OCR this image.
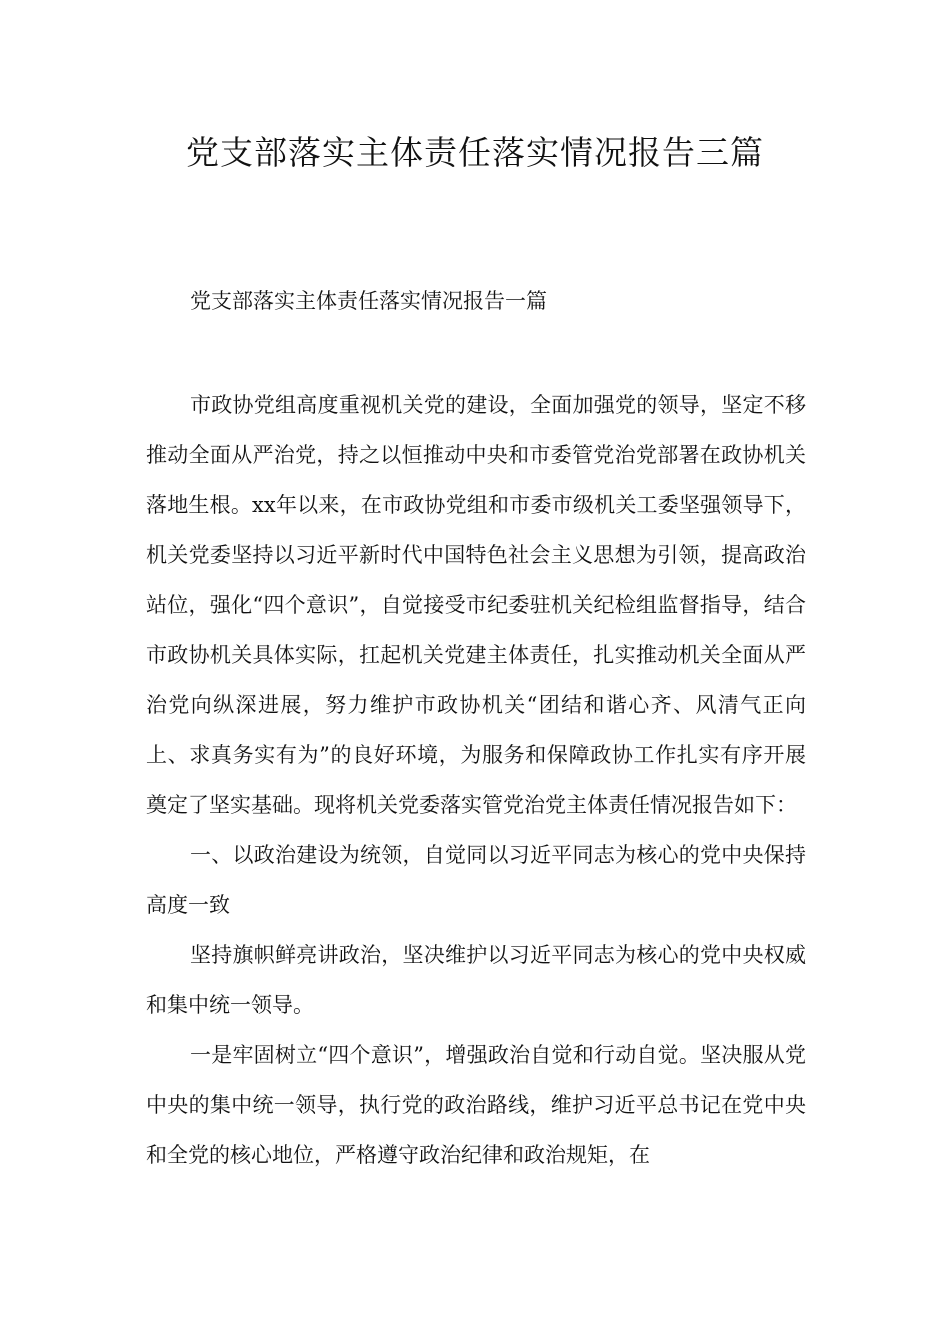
党支部落实主体责任落实情况报告三篇
党支部落实主体责任落实情况报告一篇

市政协党组高度重视机关党的建设，全面加强党的领导，坚定不移推动全面从严治党，持之以恒推动中央和市委管党治党部署在政协机关落地生根。xx年以来，在市政协党组和市委市级机关工委坚强领导下，机关党委坚持以习近平新时代中国特色社会主义思想为引领，提高政治站位，强化“四个意识”，自觉接受市纪委驻机关纪检组监督指导，结合市政协机关具体实际，扛起机关党建主体责任，扎实推动机关全面从严治党向纵深进展，努力维护市政协机关“团结和谐心齐、风清气正向上、求真务实有为”的良好环境，为服务和保障政协工作扎实有序开展奠定了坚实基础。现将机关党委落实管党治党主体责任情况报告如下：

一、以政治建设为统领，自觉同以习近平同志为核心的党中央保持高度一致

坚持旗帜鲜亮讲政治，坚决维护以习近平同志为核心的党中央权威和集中统一领导。

一是牢固树立“四个意识”，增强政治自觉和行动自觉。坚决服从党中央的集中统一领导，执行党的政治路线，维护习近平总书记在党中央和全党的核心地位，严格遵守政治纪律和政治规矩，在
